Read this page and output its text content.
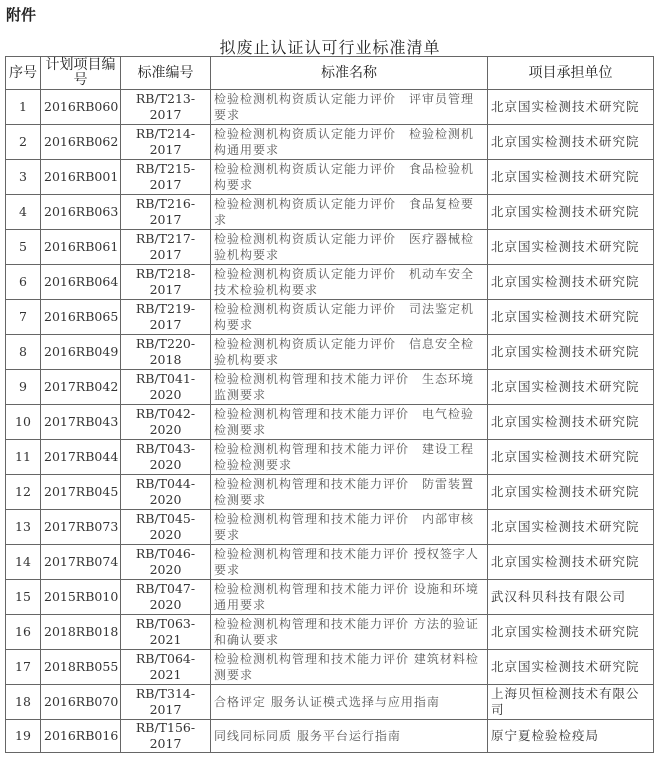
附件
拟废止认证认可行业标准清单
序号	计划项目编号	标准编号	标准名称	项目承担单位
1	2016RB060	RB/T213-2017	检验检测机构资质认定能力评价　评审员管理要求	北京国实检测技术研究院
2	2016RB062	RB/T214-2017	检验检测机构资质认定能力评价　检验检测机构通用要求	北京国实检测技术研究院
3	2016RB001	RB/T215-2017	检验检测机构资质认定能力评价　食品检验机构要求	北京国实检测技术研究院
4	2016RB063	RB/T216-2017	检验检测机构资质认定能力评价　食品复检要求	北京国实检测技术研究院
5	2016RB061	RB/T217-2017	检验检测机构资质认定能力评价　医疗器械检验机构要求	北京国实检测技术研究院
6	2016RB064	RB/T218-2017	检验检测机构资质认定能力评价　机动车安全技术检验机构要求	北京国实检测技术研究院
7	2016RB065	RB/T219-2017	检验检测机构资质认定能力评价　司法鉴定机构要求	北京国实检测技术研究院
8	2016RB049	RB/T220-2018	检验检测机构资质认定能力评价　信息安全检验机构要求	北京国实检测技术研究院
9	2017RB042	RB/T041-2020	检验检测机构管理和技术能力评价　生态环境监测要求	北京国实检测技术研究院
10	2017RB043	RB/T042-2020	检验检测机构管理和技术能力评价　电气检验检测要求	北京国实检测技术研究院
11	2017RB044	RB/T043-2020	检验检测机构管理和技术能力评价　建设工程检验检测要求	北京国实检测技术研究院
12	2017RB045	RB/T044-2020	检验检测机构管理和技术能力评价　防雷装置检测要求	北京国实检测技术研究院
13	2017RB073	RB/T045-2020	检验检测机构管理和技术能力评价　内部审核要求	北京国实检测技术研究院
14	2017RB074	RB/T046-2020	检验检测机构管理和技术能力评价 授权签字人要求	北京国实检测技术研究院
15	2015RB010	RB/T047-2020	检验检测机构管理和技术能力评价 设施和环境通用要求	武汉科贝科技有限公司
16	2018RB018	RB/T063-2021	检验检测机构管理和技术能力评价 方法的验证和确认要求	北京国实检测技术研究院
17	2018RB055	RB/T064-2021	检验检测机构管理和技术能力评价 建筑材料检测要求	北京国实检测技术研究院
18	2016RB070	RB/T314-2017	合格评定 服务认证模式选择与应用指南	上海贝恒检测技术有限公司
19	2016RB016	RB/T156-2017	同线同标同质 服务平台运行指南	原宁夏检验检疫局
